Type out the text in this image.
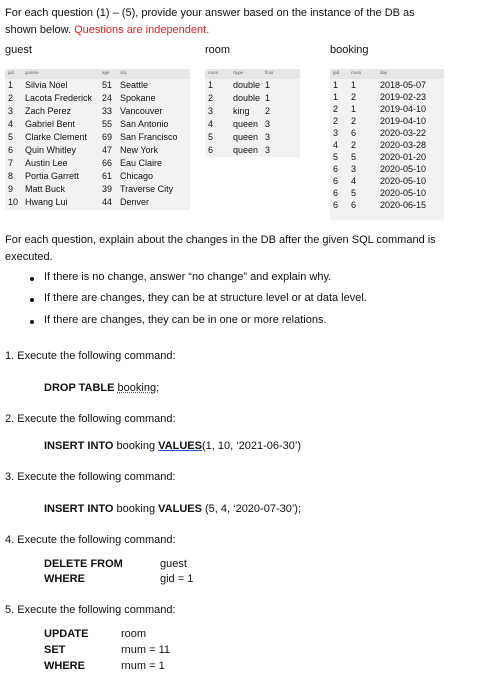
For each question (1) – (5), provide your answer based on the instance of the DB as
shown below. Questions are independent.
guest	room	booking
gid gname	age city
1 Silvia Noel	51 Seattle
2 Lacota Frederick 24 Spokane
3 Zach Perez	33 Vancouver
4 Gabriel Bent	55 San Antonio
5 Clarke Clement 69 San Francisco
6 Quin Whitley	47 New York
7 Austin Lee	66 Eau Claire
8 Portia Garrett	61 Chicago
9 Matt Buck	39 Traverse City
10 Hwang Lui	44 Denver
rnum	rtype	floor
1 double 1
2 double 1
3 king 2
4 queen 3
5 queen 3
6 queen 3
gid	rnum	day
1 1	2018-05-07
1 2	2019-02-23
2 1	2019-04-10
2 2	2019-04-10
3 6	2020-03-22
4 2	2020-03-28
5 5	2020-01-20
6 3	2020-05-10
6 4	2020-05-10
6 5	2020-05-10
6 6	2020-06-15
For each question, explain about the changes in the DB after the given SQL command is
executed.
If there is no change, answer “no change” and explain why.
If there are changes, they can be at structure level or at data level.
If there are changes, they can be in one or more relations.
1. Execute the following command:
DROP TABLE booking;
2. Execute the following command:
INSERT INTO booking VALUES(1, 10, ‘2021-06-30’)
3. Execute the following command:
INSERT INTO booking VALUES (5, 4, ‘2020-07-30’);
4. Execute the following command:
DELETE FROM	guest
WHERE	gid = 1
5. Execute the following command:
UPDATE	room
SET	rnum = 11
WHERE	rnum = 1
